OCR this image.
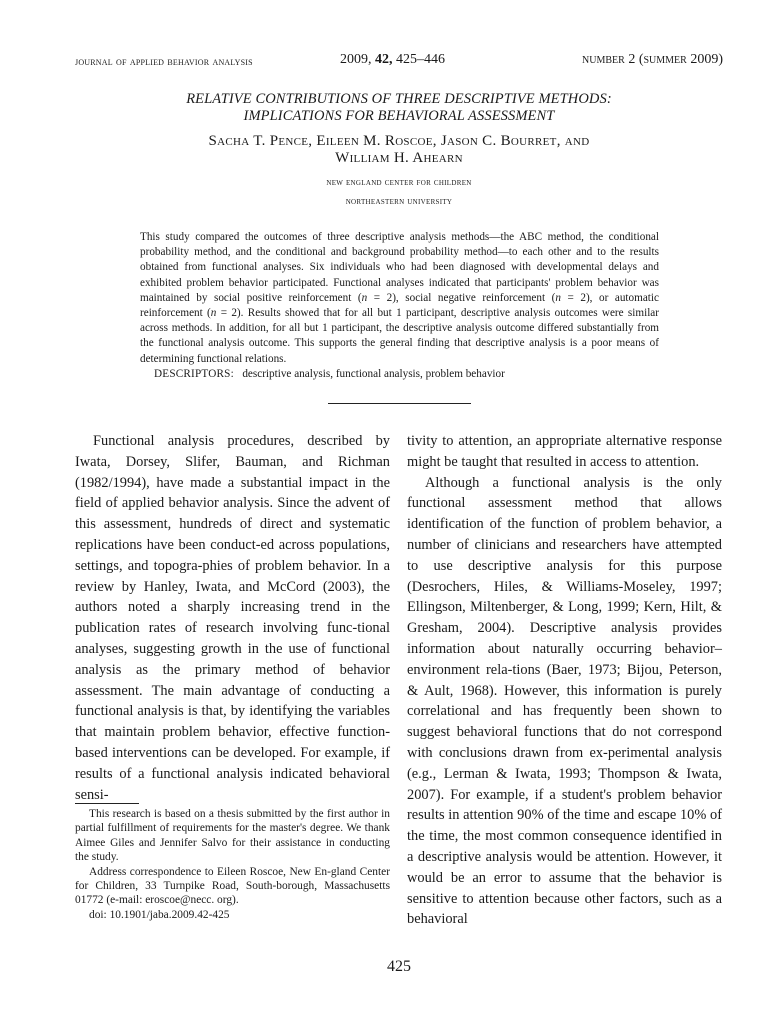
journal of applied behavior analysis	2009, 42, 425–446	number 2 (summer 2009)
RELATIVE CONTRIBUTIONS OF THREE DESCRIPTIVE METHODS:
IMPLICATIONS FOR BEHAVIORAL ASSESSMENT
Sacha T. Pence, Eileen M. Roscoe, Jason C. Bourret, and
William H. Ahearn
new england center for children
northeastern university

This study compared the outcomes of three descriptive analysis methods—the ABC method, the conditional probability method, and the conditional and background probability method—to each other and to the results obtained from functional analyses. Six individuals who had been diagnosed with developmental delays and exhibited problem behavior participated. Functional analyses indicated that participants' problem behavior was maintained by social positive reinforcement (n = 2), social negative reinforcement (n = 2), or automatic reinforcement (n = 2). Results showed that for all but 1 participant, descriptive analysis outcomes were similar across methods. In addition, for all but 1 participant, the descriptive analysis outcome differed substantially from the functional analysis outcome. This supports the general finding that descriptive analysis is a poor means of determining functional relations.

DESCRIPTORS: descriptive analysis, functional analysis, problem behavior

Functional analysis procedures, described by Iwata, Dorsey, Slifer, Bauman, and Richman (1982/1994), have made a substantial impact in the field of applied behavior analysis. Since the advent of this assessment, hundreds of direct and systematic replications have been conduct-ed across populations, settings, and topogra-phies of problem behavior. In a review by Hanley, Iwata, and McCord (2003), the authors noted a sharply increasing trend in the publication rates of research involving func-tional analyses, suggesting growth in the use of functional analysis as the primary method of behavior assessment. The main advantage of conducting a functional analysis is that, by identifying the variables that maintain problem behavior, effective function-based interventions can be developed. For example, if results of a functional analysis indicated behavioral sensi-

tivity to attention, an appropriate alternative response might be taught that resulted in access to attention.

Although a functional analysis is the only functional assessment method that allows identification of the function of problem behavior, a number of clinicians and researchers have attempted to use descriptive analysis for this purpose (Desrochers, Hiles, & Williams-Moseley, 1997; Ellingson, Miltenberger, & Long, 1999; Kern, Hilt, & Gresham, 2004). Descriptive analysis provides information about naturally occurring behavior–environment rela-tions (Baer, 1973; Bijou, Peterson, & Ault, 1968). However, this information is purely correlational and has frequently been shown to suggest behavioral functions that do not correspond with conclusions drawn from ex-perimental analysis (e.g., Lerman & Iwata, 1993; Thompson & Iwata, 2007). For example, if a student's problem behavior results in attention 90% of the time and escape 10% of the time, the most common consequence identified in a descriptive analysis would be attention. However, it would be an error to assume that the behavior is sensitive to attention because other factors, such as a behavioral

This research is based on a thesis submitted by the first author in partial fulfillment of requirements for the master's degree. We thank Aimee Giles and Jennifer Salvo for their assistance in conducting the study.

Address correspondence to Eileen Roscoe, New En-gland Center for Children, 33 Turnpike Road, South-borough, Massachusetts 01772 (e-mail: eroscoe@necc. org).

doi: 10.1901/jaba.2009.42-425

425
